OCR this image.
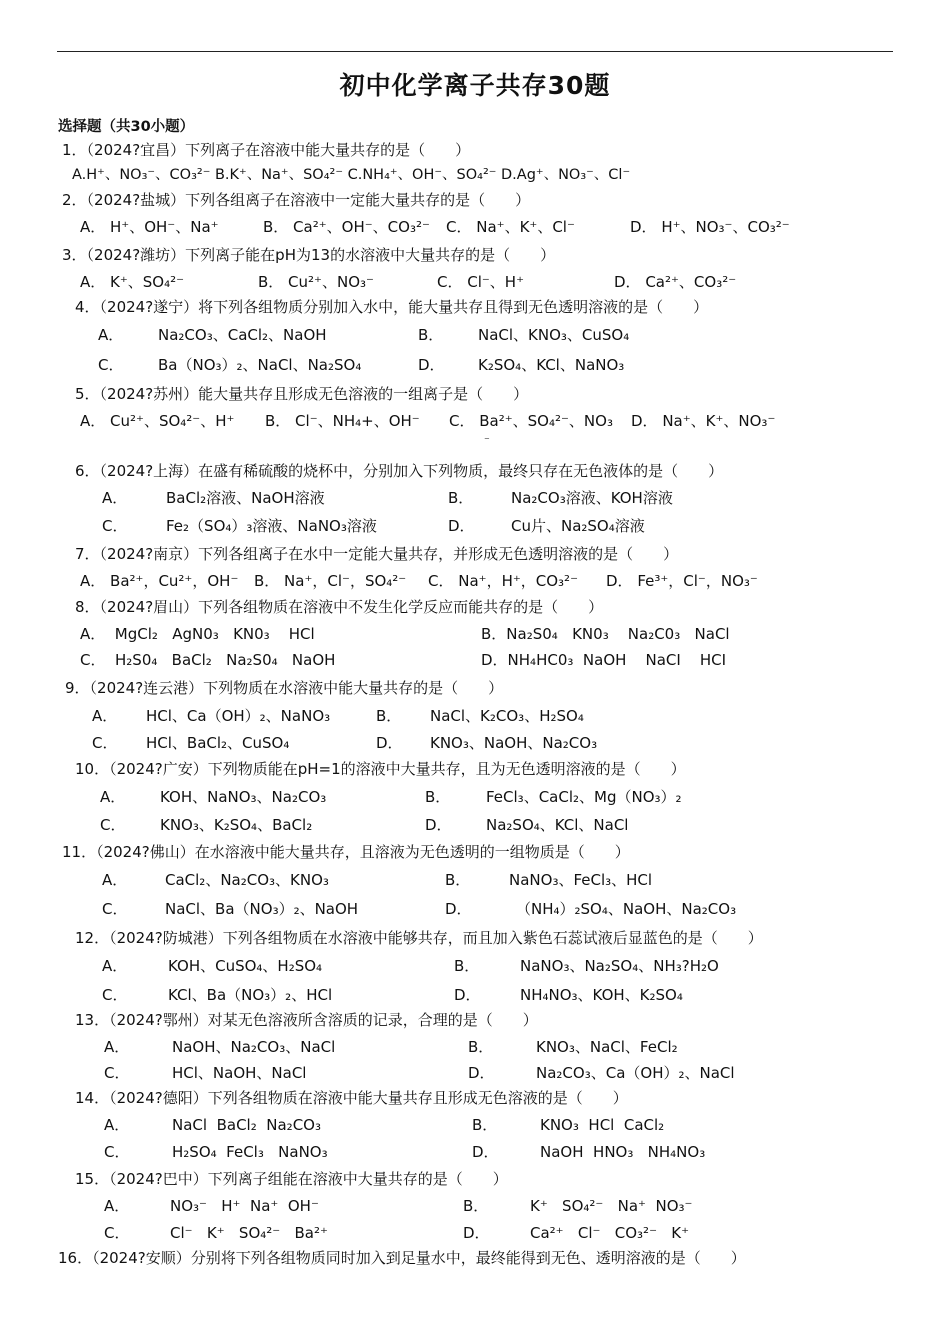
初中化学离子共存30题
选择题（共30小题）
1．（2024?宜昌）下列离子在溶液中能大量共存的是（　　）
A.H⁺、NO₃⁻、CO₃²⁻ B.K⁺、Na⁺、SO₄²⁻ C.NH₄⁺、OH⁻、SO₄²⁻ D.Ag⁺、NO₃⁻、Cl⁻
2．（2024?盐城）下列各组离子在溶液中一定能大量共存的是（　　）
A． H⁺、OH⁻、Na⁺	B． Ca²⁺、OH⁻、CO₃²⁻ C． Na⁺、K⁺、Cl⁻	D． H⁺、NO₃⁻、CO₃²⁻
3．（2024?潍坊）下列离子能在pH为13的水溶液中大量共存的是（　　）
A． K⁺、SO₄²⁻	B． Cu²⁺、NO₃⁻	C． Cl⁻、H⁺	D． Ca²⁺、CO₃²⁻
4．（2024?遂宁）将下列各组物质分别加入水中，能大量共存且得到无色透明溶液的是（　　）
A． Na₂CO₃、CaCl₂、NaOH	B． NaCl、KNO₃、CuSO₄
C． Ba（NO₃）₂、NaCl、Na₂SO₄	D． K₂SO₄、KCl、NaNO₃
5．（2024?苏州）能大量共存且形成无色溶液的一组离子是（　　）
A． Cu²⁺、SO₄²⁻、H⁺ B． Cl⁻、NH₄+、OH⁻ C． Ba²⁺、SO₄²⁻、NO₃ D． Na⁺、K⁺、NO₃⁻
⁻
6．（2024?上海）在盛有稀硫酸的烧杯中，分别加入下列物质，最终只存在无色液体的是（　　）
A．	BaCl₂溶液、NaOH溶液	B．	Na₂CO₃溶液、KOH溶液
C．	Fe₂（SO₄）₃溶液、NaNO₃溶液	D． Cu片、Na₂SO₄溶液
7．（2024?南京）下列各组离子在水中一定能大量共存，并形成无色透明溶液的是（　　）
A． Ba²⁺，Cu²⁺，OH⁻ B． Na⁺，Cl⁻，SO₄²⁻ C． Na⁺，H⁺，CO₃²⁻ D． Fe³⁺，Cl⁻，NO₃⁻
8．（2024?眉山）下列各组物质在溶液中不发生化学反应而能共存的是（　　）
A．  MgCl₂   AgN0₃   KN0₃    HCl	B．Na₂S0₄   KN0₃    Na₂C0₃   NaCl
C．  H₂S0₄   BaCl₂   Na₂S0₄   NaOH	D．NH₄HC0₃  NaOH    NaCI    HCI
9．（2024?连云港）下列物质在水溶液中能大量共存的是（　　）
A． HCl、Ca（OH）₂、NaNO₃	B． NaCl、K₂CO₃、H₂SO₄
C． HCl、BaCl₂、CuSO₄	D． KNO₃、NaOH、Na₂CO₃
10．（2024?广安）下列物质能在pH=1的溶液中大量共存，且为无色透明溶液的是（　　）
A． KOH、NaNO₃、Na₂CO₃	B． FeCl₃、CaCl₂、Mg（NO₃）₂
C． KNO₃、K₂SO₄、BaCl₂	D． Na₂SO₄、KCl、NaCl
11．（2024?佛山）在水溶液中能大量共存，且溶液为无色透明的一组物质是（　　）
A．	CaCl₂、Na₂CO₃、KNO₃	B．	NaNO₃、FeCl₃、HCl
C．	NaCl、Ba（NO₃）₂、NaOH	D．	（NH₄）₂SO₄、NaOH、Na₂CO₃
12．（2024?防城港）下列各组物质在水溶液中能够共存，而且加入紫色石蕊试液后显蓝色的是（　　）
A．	KOH、CuSO₄、H₂SO₄	B．	NaNO₃、Na₂SO₄、NH₃?H₂O
C．	KCl、Ba（NO₃）₂、HCl	D．	NH₄NO₃、KOH、K₂SO₄
13．（2024?鄂州）对某无色溶液所含溶质的记录，合理的是（　　）
A．	NaOH、Na₂CO₃、NaCl	B．	KNO₃、NaCl、FeCl₂
C．	HCl、NaOH、NaCl	D．	Na₂CO₃、Ca（OH）₂、NaCl
14．（2024?德阳）下列各组物质在溶液中能大量共存且形成无色溶液的是（　　）
A．	NaCl  BaCl₂  Na₂CO₃	B．	KNO₃  HCl  CaCl₂
C．	H₂SO₄  FeCl₃   NaNO₃	D．	NaOH  HNO₃   NH₄NO₃
15．（2024?巴中）下列离子组能在溶液中大量共存的是（　　）
A．	NO₃⁻   H⁺  Na⁺  OH⁻	B．	K⁺   SO₄²⁻   Na⁺  NO₃⁻
C．	Cl⁻   K⁺   SO₄²⁻   Ba²⁺	D．	Ca²⁺   Cl⁻   CO₃²⁻   K⁺
16．（2024?安顺）分别将下列各组物质同时加入到足量水中，最终能得到无色、透明溶液的是（　　）
